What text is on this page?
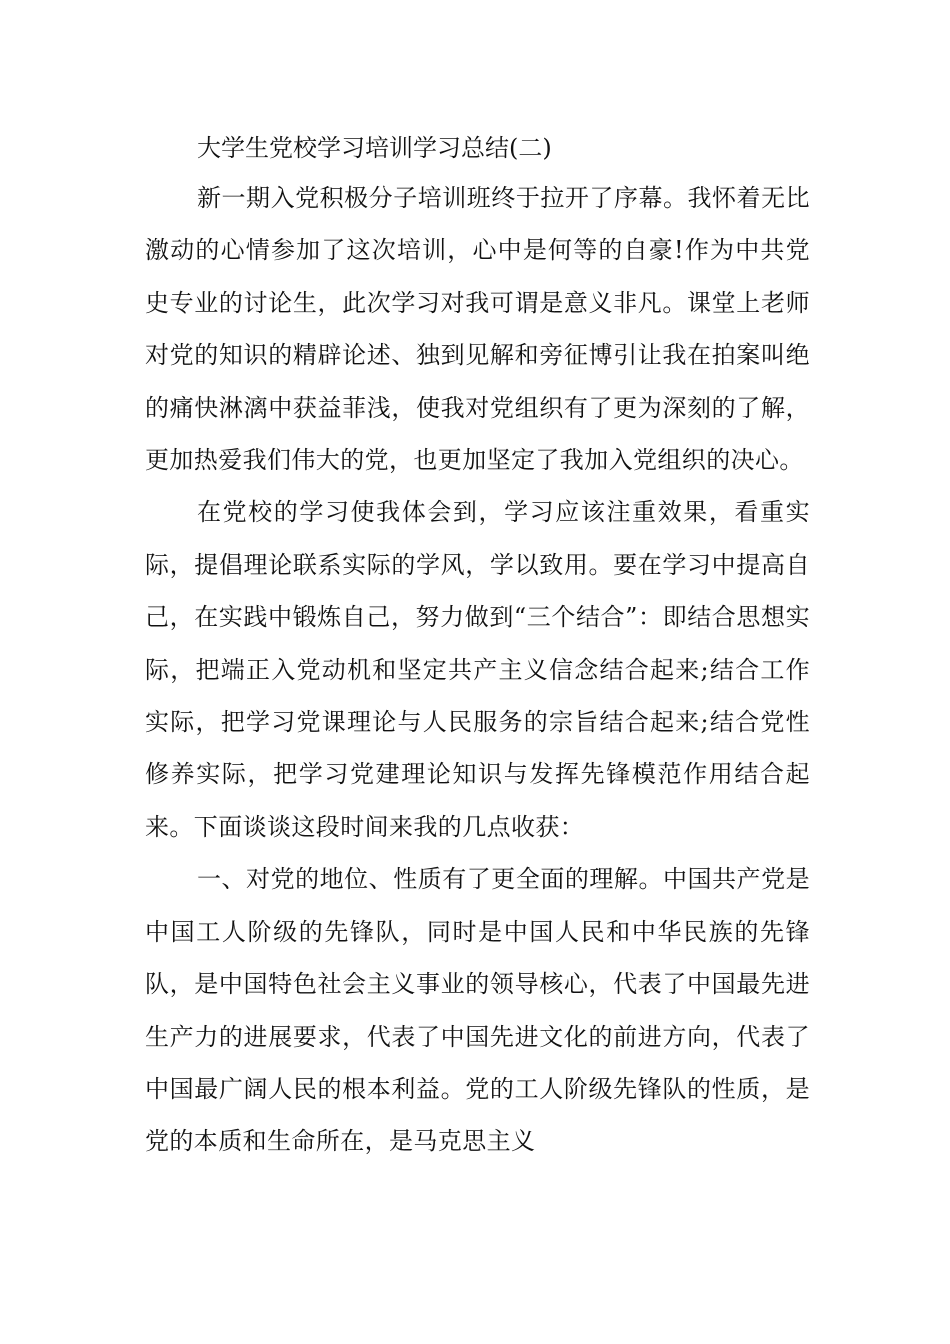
大学生党校学习培训学习总结(二)

新一期入党积极分子培训班终于拉开了序幕。我怀着无比激动的心情参加了这次培训，心中是何等的自豪!作为中共党史专业的讨论生，此次学习对我可谓是意义非凡。课堂上老师对党的知识的精辟论述、独到见解和旁征博引让我在拍案叫绝的痛快淋漓中获益菲浅，使我对党组织有了更为深刻的了解，更加热爱我们伟大的党，也更加坚定了我加入党组织的决心。

在党校的学习使我体会到，学习应该注重效果，看重实际，提倡理论联系实际的学风，学以致用。要在学习中提高自己，在实践中锻炼自己，努力做到“三个结合”：即结合思想实际，把端正入党动机和坚定共产主义信念结合起来;结合工作实际，把学习党课理论与人民服务的宗旨结合起来;结合党性修养实际，把学习党建理论知识与发挥先锋模范作用结合起来。下面谈谈这段时间来我的几点收获：

一、对党的地位、性质有了更全面的理解。中国共产党是中国工人阶级的先锋队，同时是中国人民和中华民族的先锋队，是中国特色社会主义事业的领导核心，代表了中国最先进生产力的进展要求，代表了中国先进文化的前进方向，代表了中国最广阔人民的根本利益。党的工人阶级先锋队的性质，是党的本质和生命所在，是马克思主义
